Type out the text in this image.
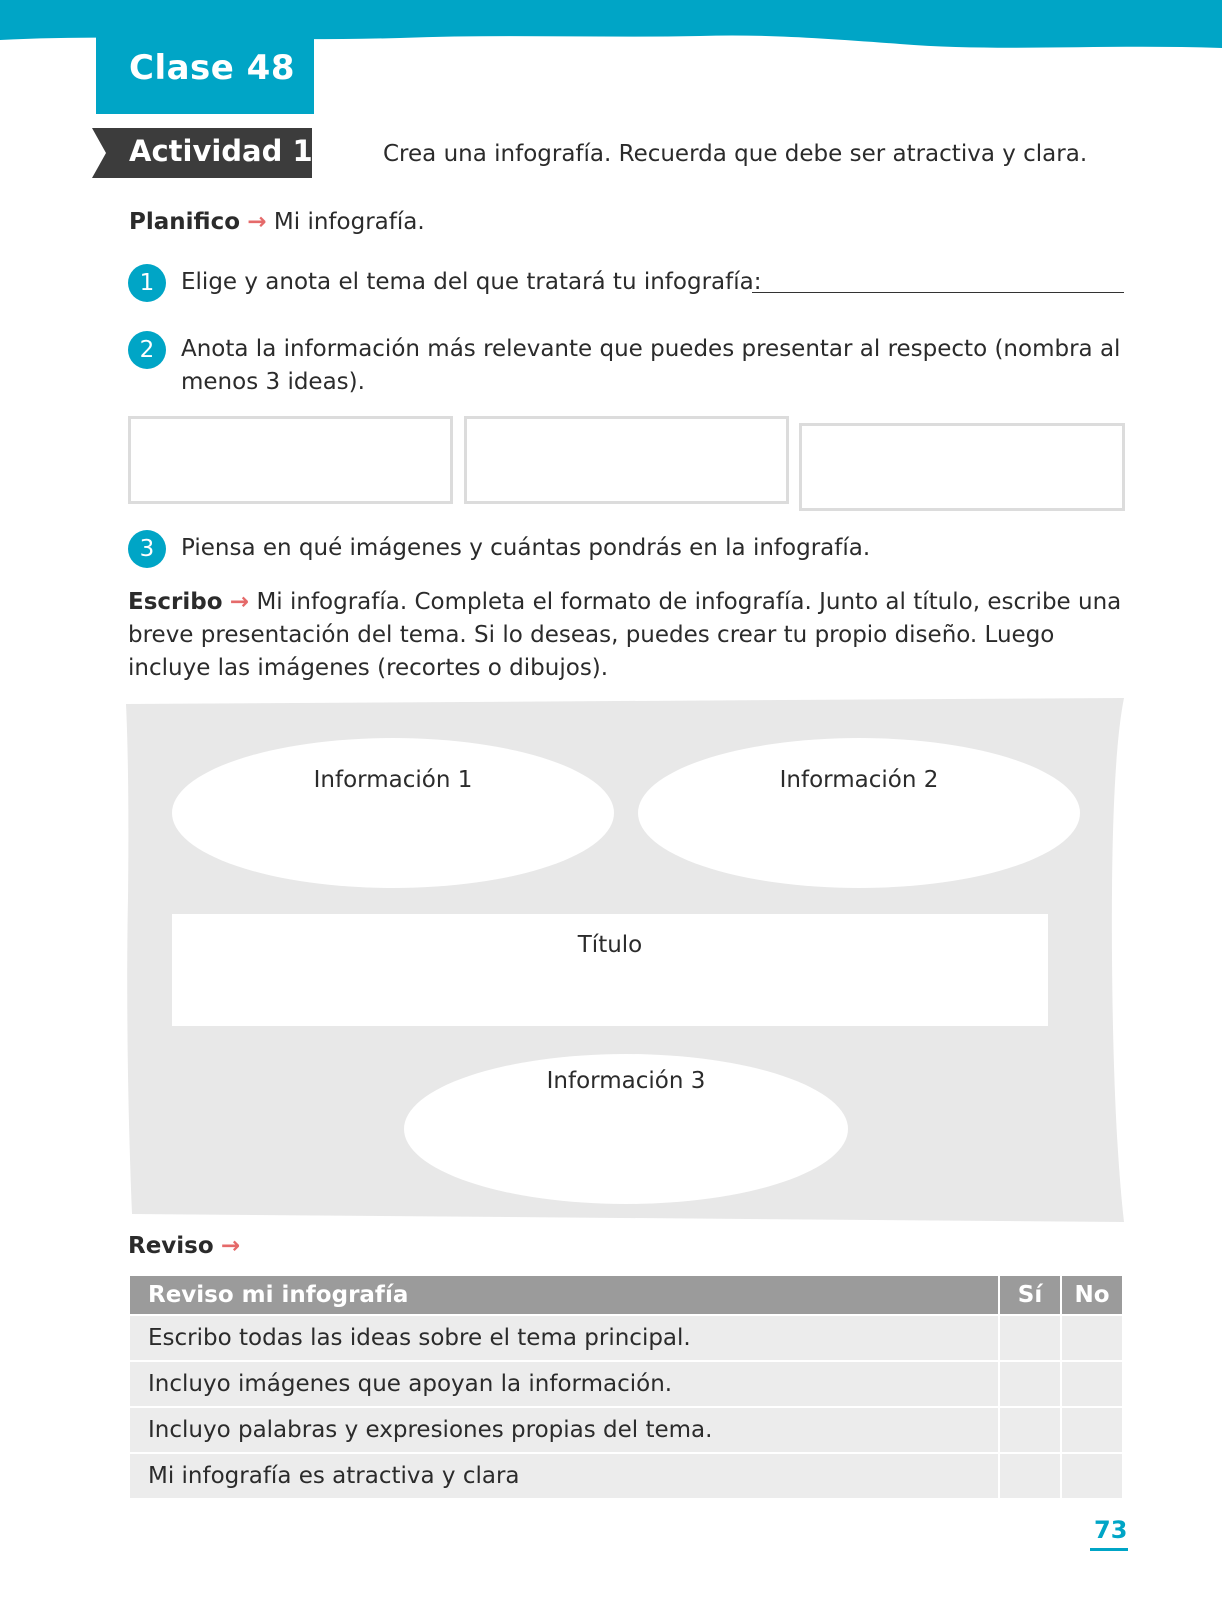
Clase 48
Actividad 1	Crea una infografía. Recuerda que debe ser atractiva y clara.
Planifico → Mi infografía.
1	Elige y anota el tema del que tratará tu infografía:
2	Anota la información más relevante que puedes presentar al respecto (nombra al menos 3 ideas).
3	Piensa en qué imágenes y cuántas pondrás en la infografía.
Escribo → Mi infografía. Completa el formato de infografía. Junto al título, escribe una breve presentación del tema. Si lo deseas, puedes crear tu propio diseño. Luego incluye las imágenes (recortes o dibujos).
Información 1	Información 2
Título
Información 3
Reviso →
Reviso mi infografía	Sí	No
Escribo todas las ideas sobre el tema principal.		
Incluyo imágenes que apoyan la información.		
Incluyo palabras y expresiones propias del tema.		
Mi infografía es atractiva y clara		
73
